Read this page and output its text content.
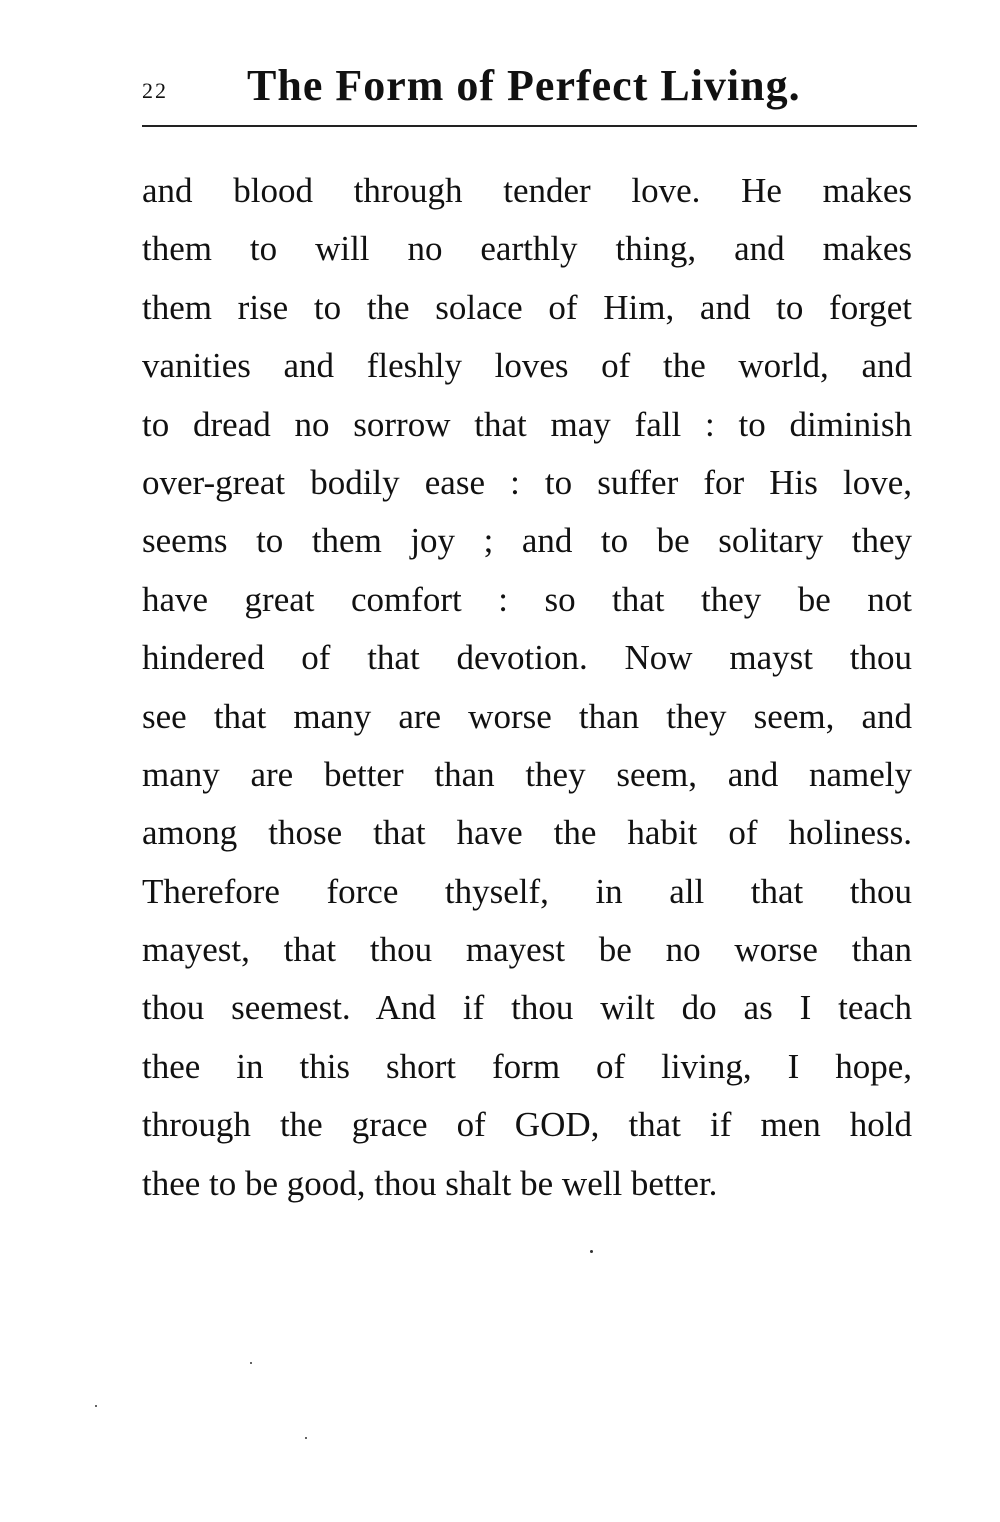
22 The Form of Perfect Living.
and blood through tender love. He makes
them to will no earthly thing, and makes
them rise to the solace of Him, and to forget
vanities and fleshly loves of the world, and
to dread no sorrow that may fall : to diminish
over-great bodily ease : to suffer for His love,
seems to them joy ; and to be solitary they
have great comfort : so that they be not
hindered of that devotion. Now mayst thou
see that many are worse than they seem, and
many are better than they seem, and namely
among those that have the habit of holiness.
Therefore force thyself, in all that thou
mayest, that thou mayest be no worse than
thou seemest. And if thou wilt do as I teach
thee in this short form of living, I hope,
through the grace of GOD, that if men hold
thee to be good, thou shalt be well better.
